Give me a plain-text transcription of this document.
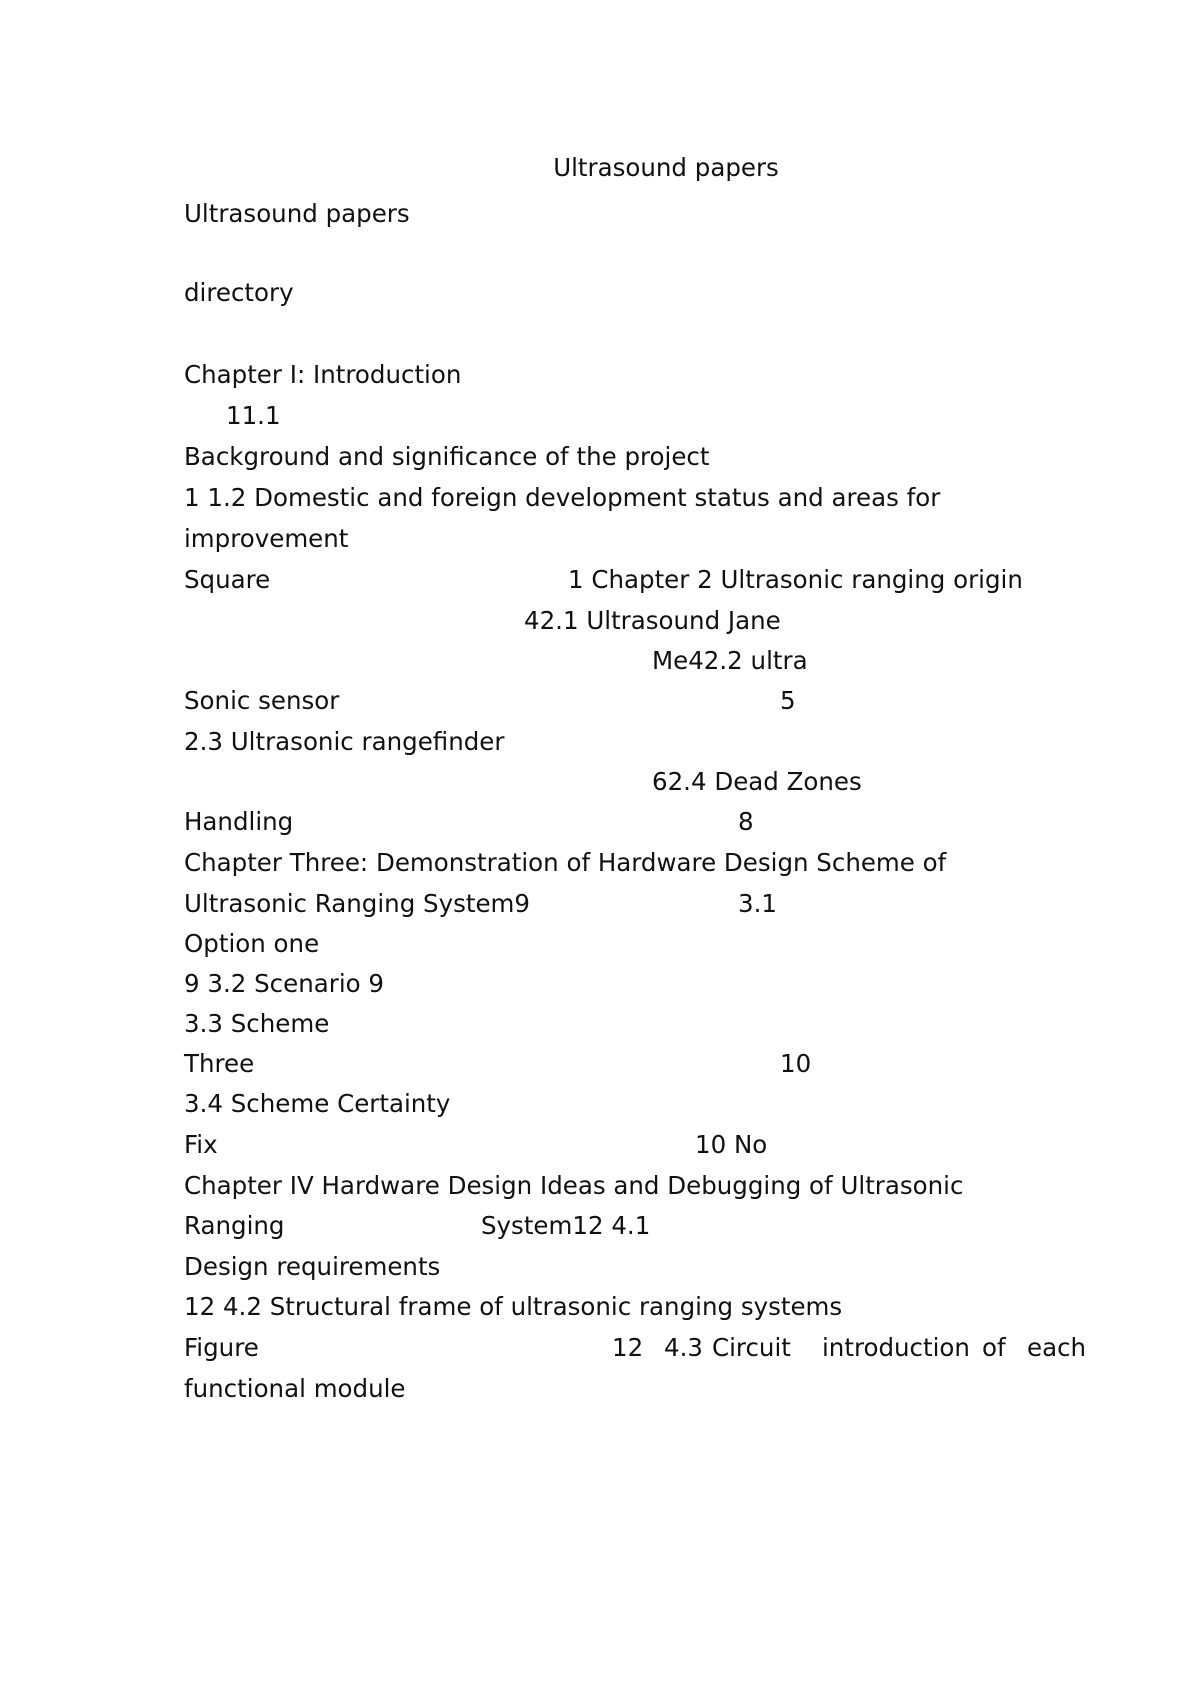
Ultrasound papers
Ultrasound papers
directory
Chapter I: Introduction
11.1
Background and significance of the project
1 1.2 Domestic and foreign development status and areas for
improvement
Square	1 Chapter 2 Ultrasonic ranging origin
42.1 Ultrasound Jane
Me42.2 ultra
Sonic sensor	5
2.3 Ultrasonic rangefinder
62.4 Dead Zones
Handling	8
Chapter Three: Demonstration of Hardware Design Scheme of
Ultrasonic Ranging System9	3.1
Option one
9 3.2 Scenario 9
3.3 Scheme
Three	10
3.4 Scheme Certainty
Fix	10 No
Chapter IV Hardware Design Ideas and Debugging of Ultrasonic
Ranging	System12 4.1
Design requirements
12 4.2 Structural frame of ultrasonic ranging systems
Figure	12 4.3 Circuit introduction of each
functional module
